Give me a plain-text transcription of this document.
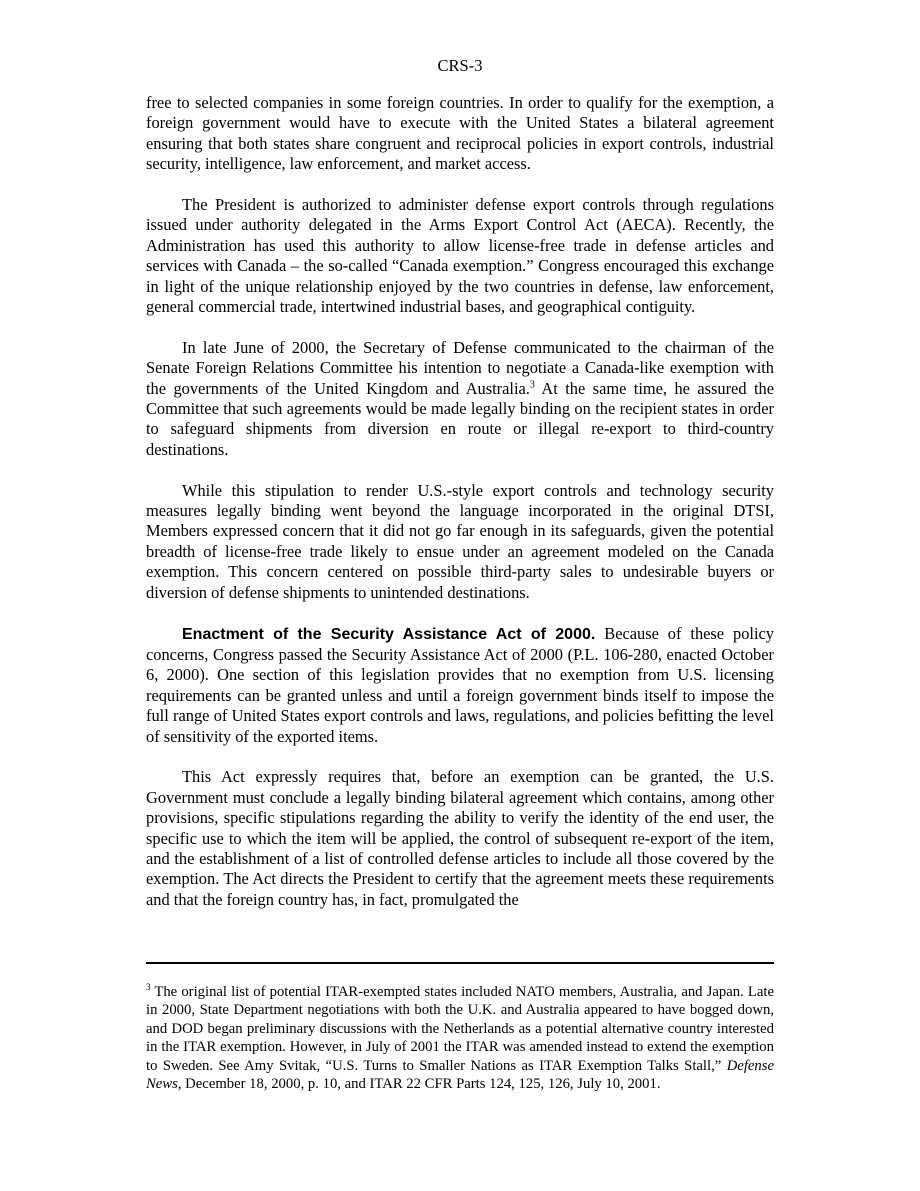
CRS-3

free to selected companies in some foreign countries. In order to qualify for the exemption, a foreign government would have to execute with the United States a bilateral agreement ensuring that both states share congruent and reciprocal policies in export controls, industrial security, intelligence, law enforcement, and market access.

The President is authorized to administer defense export controls through regulations issued under authority delegated in the Arms Export Control Act (AECA). Recently, the Administration has used this authority to allow license-free trade in defense articles and services with Canada – the so-called “Canada exemption.” Congress encouraged this exchange in light of the unique relationship enjoyed by the two countries in defense, law enforcement, general commercial trade, intertwined industrial bases, and geographical contiguity.

In late June of 2000, the Secretary of Defense communicated to the chairman of the Senate Foreign Relations Committee his intention to negotiate a Canada-like exemption with the governments of the United Kingdom and Australia.$^3$ At the same time, he assured the Committee that such agreements would be made legally binding on the recipient states in order to safeguard shipments from diversion en route or illegal re-export to third-country destinations.

While this stipulation to render U.S.-style export controls and technology security measures legally binding went beyond the language incorporated in the original DTSI, Members expressed concern that it did not go far enough in its safeguards, given the potential breadth of license-free trade likely to ensue under an agreement modeled on the Canada exemption. This concern centered on possible third-party sales to undesirable buyers or diversion of defense shipments to unintended destinations.

Enactment of the Security Assistance Act of 2000. Because of these policy concerns, Congress passed the Security Assistance Act of 2000 (P.L. 106-280, enacted October 6, 2000). One section of this legislation provides that no exemption from U.S. licensing requirements can be granted unless and until a foreign government binds itself to impose the full range of United States export controls and laws, regulations, and policies befitting the level of sensitivity of the exported items.

This Act expressly requires that, before an exemption can be granted, the U.S. Government must conclude a legally binding bilateral agreement which contains, among other provisions, specific stipulations regarding the ability to verify the identity of the end user, the specific use to which the item will be applied, the control of subsequent re-export of the item, and the establishment of a list of controlled defense articles to include all those covered by the exemption. The Act directs the President to certify that the agreement meets these requirements and that the foreign country has, in fact, promulgated the

$^3$ The original list of potential ITAR-exempted states included NATO members, Australia, and Japan. Late in 2000, State Department negotiations with both the U.K. and Australia appeared to have bogged down, and DOD began preliminary discussions with the Netherlands as a potential alternative country interested in the ITAR exemption. However, in July of 2001 the ITAR was amended instead to extend the exemption to Sweden. See Amy Svitak, “U.S. Turns to Smaller Nations as ITAR Exemption Talks Stall,” Defense News, December 18, 2000, p. 10, and ITAR 22 CFR Parts 124, 125, 126, July 10, 2001.
